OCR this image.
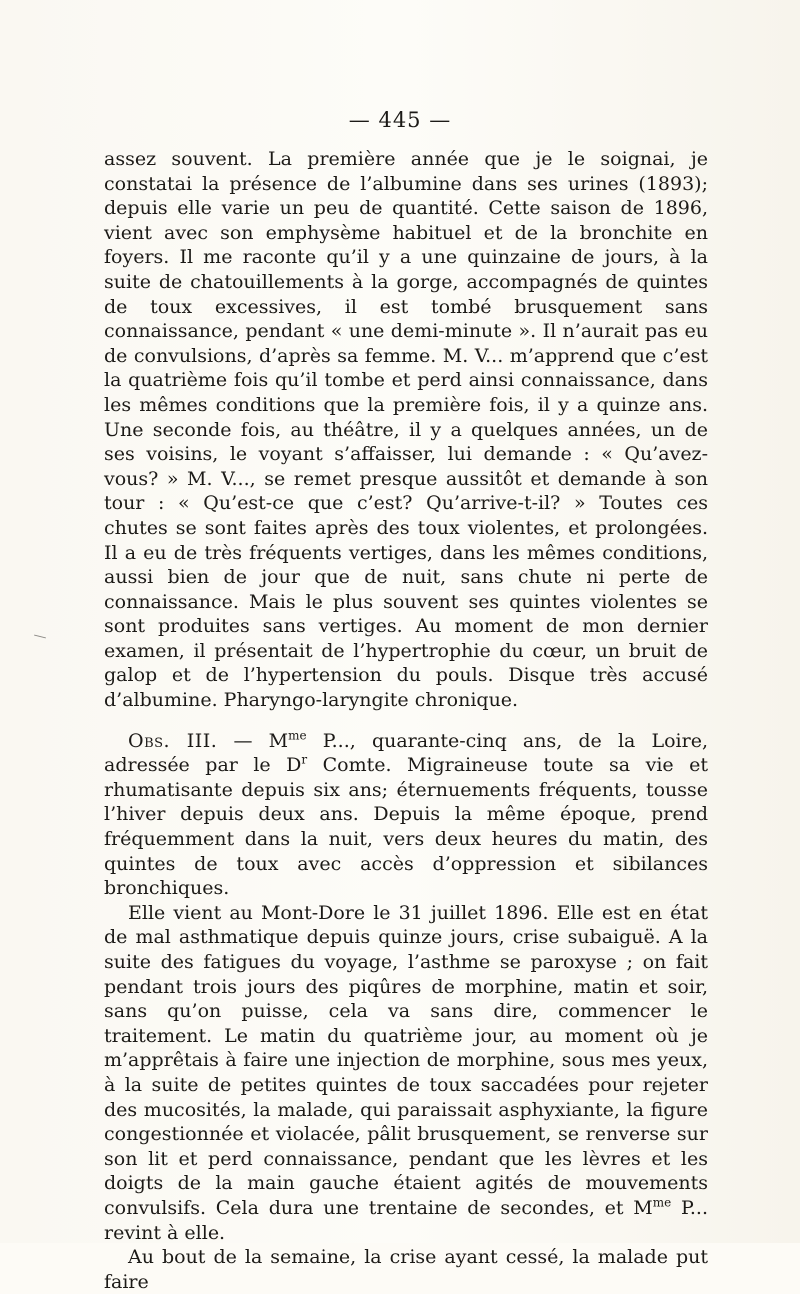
— 445 —

assez souvent. La première année que je le soignai, je constatai la présence de l’albumine dans ses urines (1893); depuis elle varie un peu de quantité. Cette saison de 1896, vient avec son emphysème habituel et de la bronchite en foyers. Il me raconte qu’il y a une quinzaine de jours, à la suite de chatouillements à la gorge, accompagnés de quintes de toux excessives, il est tombé brusquement sans connaissance, pendant « une demi-minute ». Il n’aurait pas eu de convulsions, d’après sa femme. M. V... m’apprend que c’est la quatrième fois qu’il tombe et perd ainsi connaissance, dans les mêmes conditions que la première fois, il y a quinze ans. Une seconde fois, au théâtre, il y a quelques années, un de ses voisins, le voyant s’affaisser, lui demande : « Qu’avez-vous? » M. V..., se remet presque aussitôt et demande à son tour : « Qu’est-ce que c’est? Qu’arrive-t-il? » Toutes ces chutes se sont faites après des toux violentes, et prolongées. Il a eu de très fréquents vertiges, dans les mêmes conditions, aussi bien de jour que de nuit, sans chute ni perte de connaissance. Mais le plus souvent ses quintes violentes se sont produites sans vertiges. Au moment de mon dernier examen, il présentait de l’hypertrophie du cœur, un bruit de galop et de l’hypertension du pouls. Disque très accusé d’albumine. Pharyngo-laryngite chronique.

Obs. III. — $M^{me}$ P..., quarante-cinq ans, de la Loire, adressée par le $D^r$ Comte. Migraineuse toute sa vie et rhumatisante depuis six ans; éternuements fréquents, tousse l’hiver depuis deux ans. Depuis la même époque, prend fréquemment dans la nuit, vers deux heures du matin, des quintes de toux avec accès d’oppression et sibilances bronchiques.

Elle vient au Mont-Dore le 31 juillet 1896. Elle est en état de mal asthmatique depuis quinze jours, crise subaiguë. A la suite des fatigues du voyage, l’asthme se paroxyse ; on fait pendant trois jours des piqûres de morphine, matin et soir, sans qu’on puisse, cela va sans dire, commencer le traitement. Le matin du quatrième jour, au moment où je m’apprêtais à faire une injection de morphine, sous mes yeux, à la suite de petites quintes de toux saccadées pour rejeter des mucosités, la malade, qui paraissait asphyxiante, la figure congestionnée et violacée, pâlit brusquement, se renverse sur son lit et perd connaissance, pendant que les lèvres et les doigts de la main gauche étaient agités de mouvements convulsifs. Cela dura une trentaine de secondes, et $M^{me}$ P... revint à elle.

Au bout de la semaine, la crise ayant cessé, la malade put faire
